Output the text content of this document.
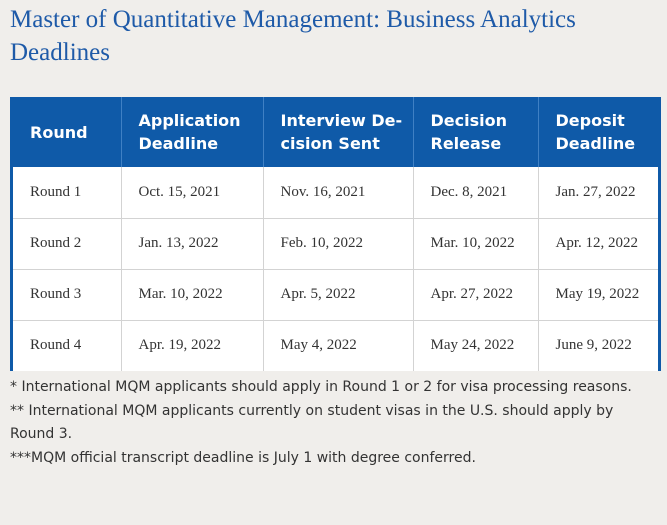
Master of Quantitative Management: Business Analytics Deadlines
Round	Application Deadline	Interview Decision Sent	Decision Release	Deposit Deadline
Round 1	Oct. 15, 2021	Nov. 16, 2021	Dec. 8, 2021	Jan. 27, 2022
Round 2	Jan. 13, 2022	Feb. 10, 2022	Mar. 10, 2022	Apr. 12, 2022
Round 3	Mar. 10, 2022	Apr. 5, 2022	Apr. 27, 2022	May 19, 2022
Round 4	Apr. 19, 2022	May 4, 2022	May 24, 2022	June 9, 2022

* International MQM applicants should apply in Round 1 or 2 for visa processing reasons.

** International MQM applicants currently on student visas in the U.S. should apply by Round 3.

***MQM official transcript deadline is July 1 with degree conferred.
